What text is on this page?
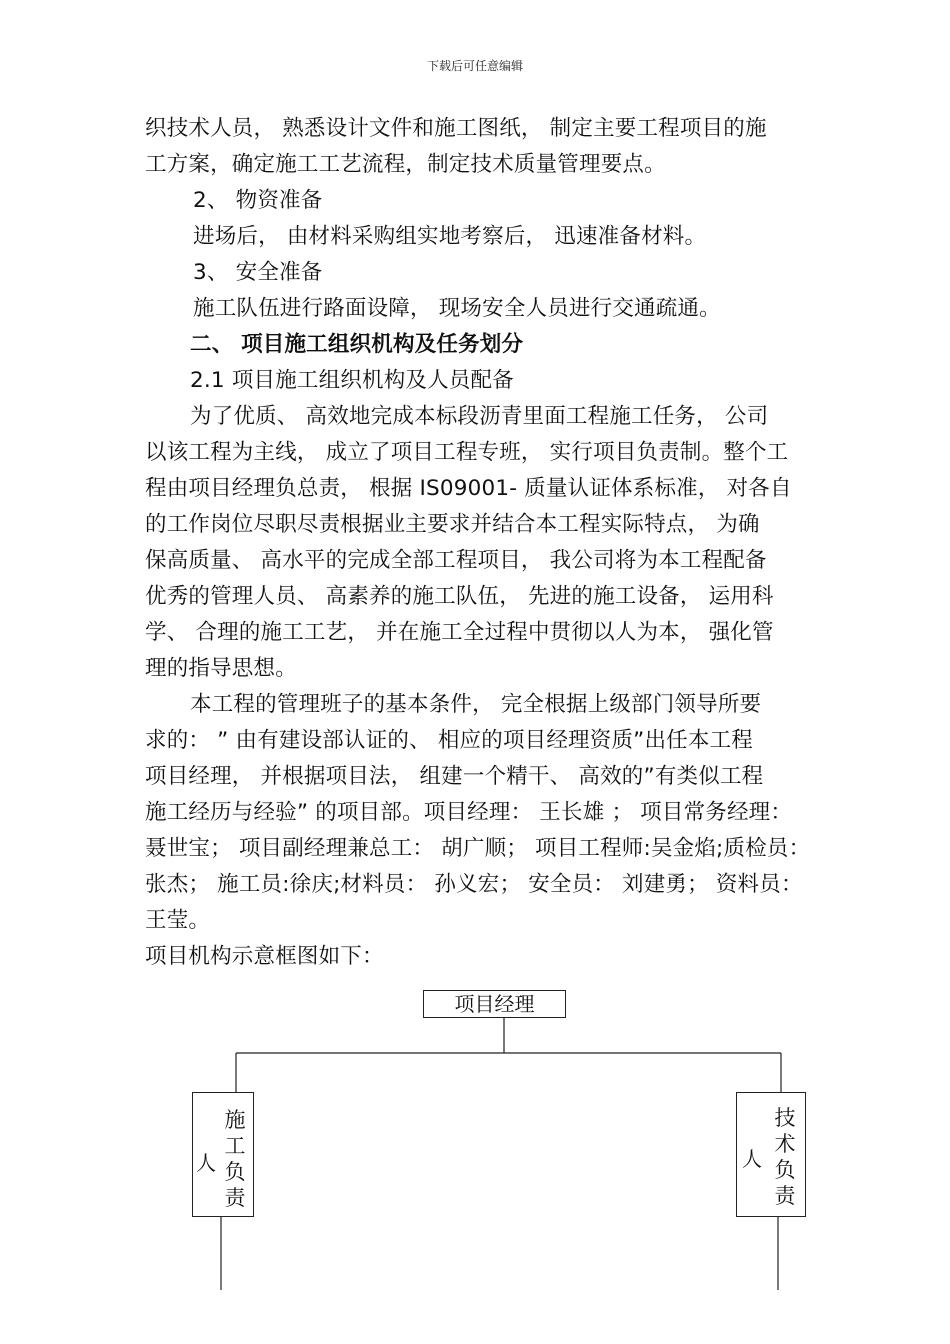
下载后可任意编辑
织技术人员， 熟悉设计文件和施工图纸， 制定主要工程项目的施
工方案，确定施工工艺流程，制定技术质量管理要点。
2、 物资准备
进场后， 由材料采购组实地考察后， 迅速准备材料。
3、 安全准备
施工队伍进行路面设障， 现场安全人员进行交通疏通。
二、 项目施工组织机构及任务划分
2.1 项目施工组织机构及人员配备
为了优质、 高效地完成本标段沥青里面工程施工任务， 公司
以该工程为主线， 成立了项目工程专班， 实行项目负责制。整个工
程由项目经理负总责， 根据 IS09001- 质量认证体系标准， 对各自
的工作岗位尽职尽责根据业主要求并结合本工程实际特点， 为确
保高质量、 高水平的完成全部工程项目， 我公司将为本工程配备
优秀的管理人员、 高素养的施工队伍， 先进的施工设备， 运用科
学、 合理的施工工艺， 并在施工全过程中贯彻以人为本， 强化管
理的指导思想。
本工程的管理班子的基本条件， 完全根据上级部门领导所要
求的： ” 由有建设部认证的、 相应的项目经理资质”出任本工程
项目经理， 并根据项目法， 组建一个精干、 高效的”有类似工程
施工经历与经验” 的项目部。项目经理： 王长雄 ； 项目常务经理：
聂世宝； 项目副经理兼总工： 胡广顺； 项目工程师:吴金焰;质检员：
张杰； 施工员:徐庆;材料员： 孙义宏； 安全员： 刘建勇； 资料员：
王莹。
项目机构示意框图如下：
项目经理
施工负责
人
技术负责
人
